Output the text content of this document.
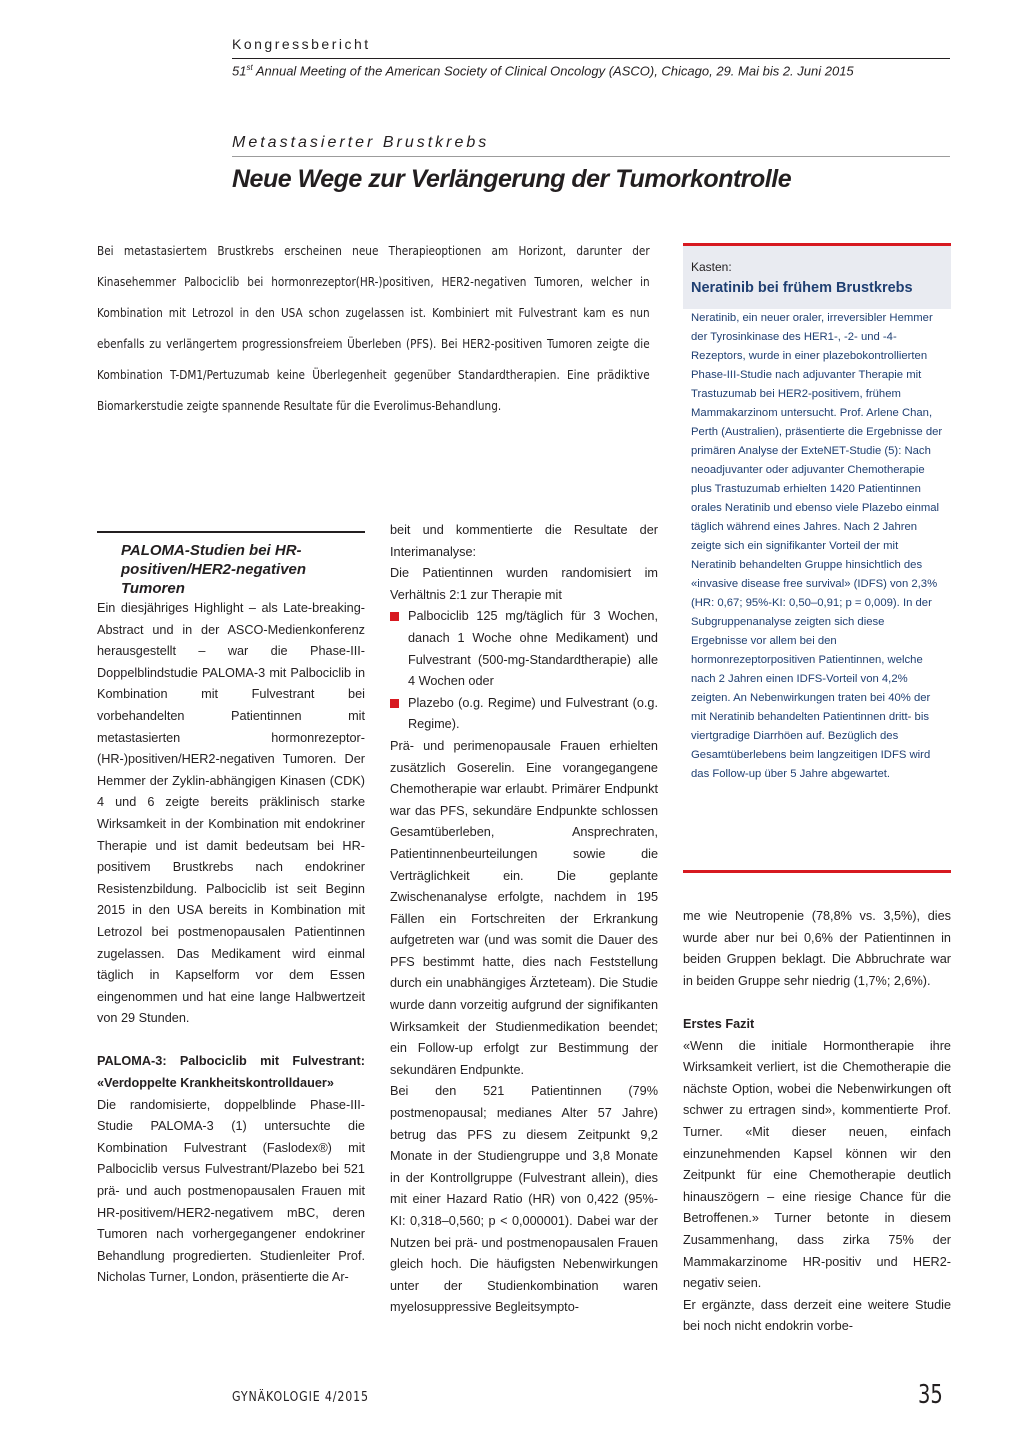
Kongressbericht
51st Annual Meeting of the American Society of Clinical Oncology (ASCO), Chicago, 29. Mai bis 2. Juni 2015
Metastasierter Brustkrebs
Neue Wege zur Verlängerung der Tumorkontrolle

Bei metastasiertem Brustkrebs erscheinen neue Therapieoptionen am Horizont, darunter der Kinasehemmer Palbociclib bei hormonrezeptor(HR-)positiven, HER2-negativen Tumoren, welcher in Kombination mit Letrozol in den USA schon zugelassen ist. Kombiniert mit Fulvestrant kam es nun ebenfalls zu verlängertem progressionsfreiem Überleben (PFS). Bei HER2-positiven Tumoren zeigte die Kombination T-DM1/Pertuzumab keine Überlegenheit gegenüber Standardtherapien. Eine prädiktive Biomarkerstudie zeigte spannende Resultate für die Everolimus-Behandlung.

PALOMA-Studien bei HR-positiven/HER2-negativen Tumoren

Ein diesjähriges Highlight – als Late-breaking-Abstract und in der ASCO-Medienkonferenz herausgestellt – war die Phase-III-Doppelblindstudie PALOMA-3 mit Palbociclib in Kombination mit Fulvestrant bei vorbehandelten Patientinnen mit metastasierten hormonrezeptor-(HR-)positiven/HER2-negativen Tumoren. Der Hemmer der Zyklin-abhängigen Kinasen (CDK) 4 und 6 zeigte bereits präklinisch starke Wirksamkeit in der Kombination mit endokriner Therapie und ist damit bedeutsam bei HR-positivem Brustkrebs nach endokriner Resistenzbildung. Palbociclib ist seit Beginn 2015 in den USA bereits in Kombination mit Letrozol bei postmenopausalen Patientinnen zugelassen. Das Medikament wird einmal täglich in Kapselform vor dem Essen eingenommen und hat eine lange Halbwertzeit von 29 Stunden.

PALOMA-3: Palbociclib mit Fulvestrant: «Verdoppelte Krankheitskontrolldauer»

Die randomisierte, doppelblinde Phase-III-Studie PALOMA-3 (1) untersuchte die Kombination Fulvestrant (Faslodex®) mit Palbociclib versus Fulvestrant/Plazebo bei 521 prä- und auch postmenopausalen Frauen mit HR-positivem/HER2-negativem mBC, deren Tumoren nach vorhergegangener endokriner Behandlung progredierten. Studienleiter Prof. Nicholas Turner, London, präsentierte die Ar-

beit und kommentierte die Resultate der Interimanalyse:

Die Patientinnen wurden randomisiert im Verhältnis 2:1 zur Therapie mit

Palbociclib 125 mg/täglich für 3 Wochen, danach 1 Woche ohne Medikament) und Fulvestrant (500-mg-Standardtherapie) alle 4 Wochen oder
Plazebo (o.g. Regime) und Fulvestrant (o.g. Regime).

Prä- und perimenopausale Frauen erhielten zusätzlich Goserelin. Eine vorangegangene Chemotherapie war erlaubt. Primärer Endpunkt war das PFS, sekundäre Endpunkte schlossen Gesamtüberleben, Ansprechraten, Patientinnenbeurteilungen sowie die Verträglichkeit ein. Die geplante Zwischenanalyse erfolgte, nachdem in 195 Fällen ein Fortschreiten der Erkrankung aufgetreten war (und was somit die Dauer des PFS bestimmt hatte, dies nach Feststellung durch ein unabhängiges Ärzteteam). Die Studie wurde dann vorzeitig aufgrund der signifikanten Wirksamkeit der Studienmedikation beendet; ein Follow-up erfolgt zur Bestimmung der sekundären Endpunkte.

Bei den 521 Patientinnen (79% postmenopausal; medianes Alter 57 Jahre) betrug das PFS zu diesem Zeitpunkt 9,2 Monate in der Studiengruppe und 3,8 Monate in der Kontrollgruppe (Fulvestrant allein), dies mit einer Hazard Ratio (HR) von 0,422 (95%-KI: 0,318–0,560; p < 0,000001). Dabei war der Nutzen bei prä- und postmenopausalen Frauen gleich hoch. Die häufigsten Nebenwirkungen unter der Studienkombination waren myelosuppressive Begleitsympto-

Kasten:
Neratinib bei frühem Brustkrebs

Neratinib, ein neuer oraler, irreversibler Hemmer der Tyrosinkinase des HER1-, -2- und -4-Rezeptors, wurde in einer plazebokontrollierten Phase-III-Studie nach adjuvanter Therapie mit Trastuzumab bei HER2-positivem, frühem Mammakarzinom untersucht. Prof. Arlene Chan, Perth (Australien), präsentierte die Ergebnisse der primären Analyse der ExteNET-Studie (5): Nach neoadjuvanter oder adjuvanter Chemotherapie plus Trastuzumab erhielten 1420 Patientinnen orales Neratinib und ebenso viele Plazebo einmal täglich während eines Jahres. Nach 2 Jahren zeigte sich ein signifikanter Vorteil der mit Neratinib behandelten Gruppe hinsichtlich des «invasive disease free survival» (IDFS) von 2,3% (HR: 0,67; 95%-KI: 0,50–0,91; p = 0,009). In der Subgruppenanalyse zeigten sich diese Ergebnisse vor allem bei den hormonrezeptorpositiven Patientinnen, welche nach 2 Jahren einen IDFS-Vorteil von 4,2% zeigten. An Nebenwirkungen traten bei 40% der mit Neratinib behandelten Patientinnen dritt- bis viertgradige Diarrhöen auf. Bezüglich des Gesamtüberlebens beim langzeitigen IDFS wird das Follow-up über 5 Jahre abgewartet.

me wie Neutropenie (78,8% vs. 3,5%), dies wurde aber nur bei 0,6% der Patientinnen in beiden Gruppen beklagt. Die Abbruchrate war in beiden Gruppe sehr niedrig (1,7%; 2,6%).

Erstes Fazit

«Wenn die initiale Hormontherapie ihre Wirksamkeit verliert, ist die Chemotherapie die nächste Option, wobei die Nebenwirkungen oft schwer zu ertragen sind», kommentierte Prof. Turner. «Mit dieser neuen, einfach einzunehmenden Kapsel können wir den Zeitpunkt für eine Chemotherapie deutlich hinauszögern – eine riesige Chance für die Betroffenen.» Turner betonte in diesem Zusammenhang, dass zirka 75% der Mammakarzinome HR-positiv und HER2-negativ seien.

Er ergänzte, dass derzeit eine weitere Studie bei noch nicht endokrin vorbe-

GYNÄKOLOGIE 4/2015	35
